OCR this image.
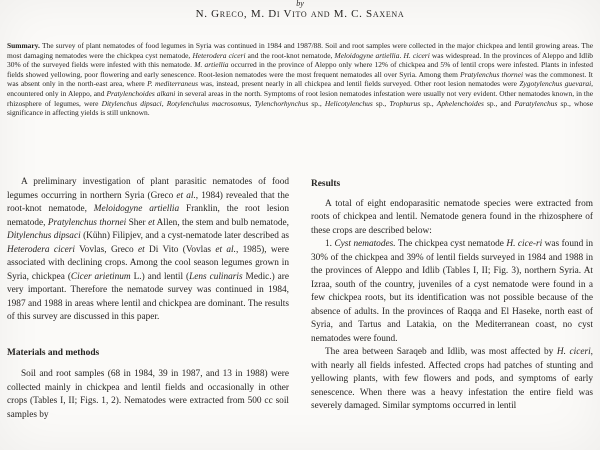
by
N. Greco, M. Di Vito and M. C. Saxena
Summary. The survey of plant nematodes of food legumes in Syria was continued in 1984 and 1987/88. Soil and root samples were collected in the major chickpea and lentil growing areas. The most damaging nematodes were the chickpea cyst nematode, Heterodera ciceri and the root-knot nematode, Meloidogyne artiellia. H. ciceri was widespread. In the provinces of Aleppo and Idlib 30% of the surveyed fields were infested with this nematode. M. artiellia occurred in the province of Aleppo only where 12% of chickpea and 5% of lentil crops were infested. Plants in infested fields showed yellowing, poor flowering and early senescence. Root-lesion nematodes were the most frequent nematodes all over Syria. Among them Pratylenchus thornei was the commonest. It was absent only in the north-east area, where P. mediterraneus was, instead, present nearly in all chickpea and lentil fields surveyed. Other root lesion nematodes were Zygotylenchus guevarai, encountered only in Aleppo, and Pratylenchoides alkani in several areas in the north. Symptoms of root lesion nematodes infestation were usually not very evident. Other nematodes known, in the rhizosphere of legumes, were Ditylenchus dipsaci, Rotylenchulus macrosomus, Tylenchorhynchus sp., Helicotylenchus sp., Trophurus sp., Aphelenchoides sp., and Paratylenchus sp., whose significance in affecting yields is still unknown.

A preliminary investigation of plant parasitic nematodes of food legumes occurring in northern Syria (Greco et al., 1984) revealed that the root-knot nematode, Meloidogyne artiellia Franklin, the root lesion nematode, Pratylenchus thornei Sher et Allen, the stem and bulb nematode, Ditylenchus dipsaci (Kühn) Filipjev, and a cyst-nematode later described as Heterodera ciceri Vovlas, Greco et Di Vito (Vovlas et al., 1985), were associated with declining crops. Among the cool season legumes grown in Syria, chickpea (Cicer arietinum L.) and lentil (Lens culinaris Medic.) are very important. Therefore the nematode survey was continued in 1984, 1987 and 1988 in areas where lentil and chickpea are dominant. The results of this survey are discussed in this paper.

Materials and methods

Soil and root samples (68 in 1984, 39 in 1987, and 13 in 1988) were collected mainly in chickpea and lentil fields and occasionally in other crops (Tables I, II; Figs. 1, 2). Nematodes were extracted from 500 cc soil samples by

Results

A total of eight endoparasitic nematode species were extracted from roots of chickpea and lentil. Nematode genera found in the rhizosphere of these crops are described below:

1. Cyst nematodes. The chickpea cyst nematode H. cice-ri was found in 30% of the chickpea and 39% of lentil fields surveyed in 1984 and 1988 in the provinces of Aleppo and Idlib (Tables I, II; Fig. 3), northern Syria. At Izraa, south of the country, juveniles of a cyst nematode were found in a few chickpea roots, but its identification was not possible because of the absence of adults. In the provinces of Raqqa and El Haseke, north east of Syria, and Tartus and Latakia, on the Mediterranean coast, no cyst nematodes were found.

The area between Saraqeb and Idlib, was most affected by H. ciceri, with nearly all fields infested. Affected crops had patches of stunting and yellowing plants, with few flowers and pods, and symptoms of early senescence. When there was a heavy infestation the entire field was severely damaged. Similar symptoms occurred in lentil
